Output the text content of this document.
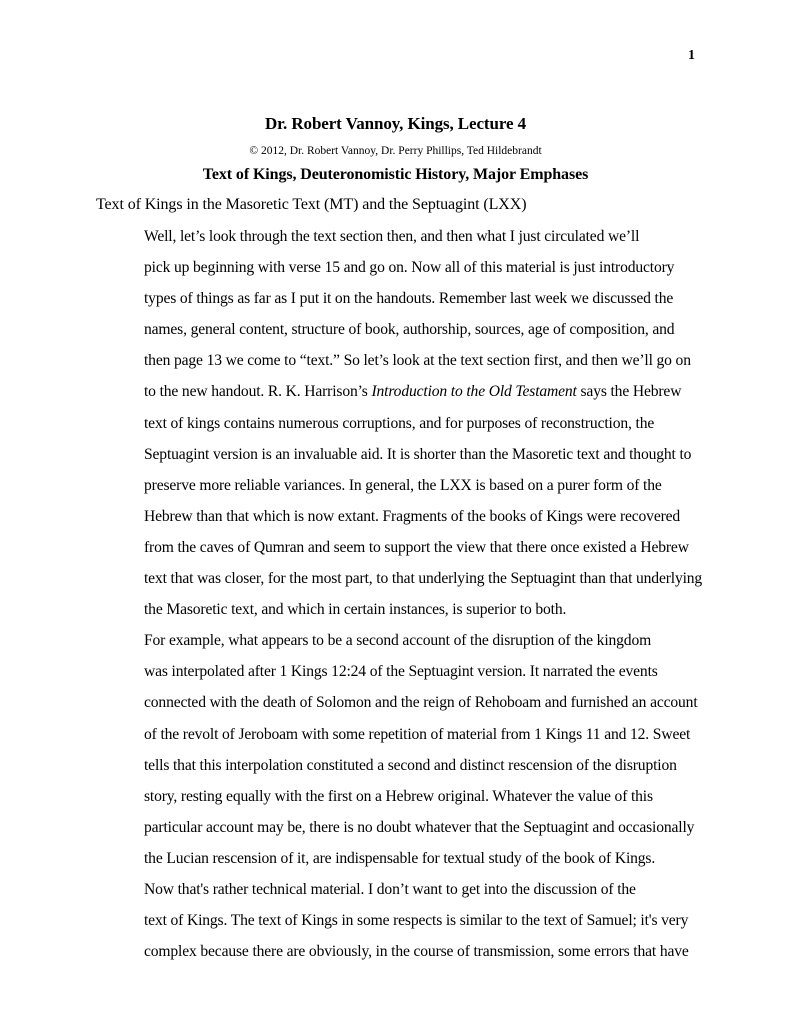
1
Dr. Robert Vannoy, Kings, Lecture 4
© 2012, Dr. Robert Vannoy, Dr. Perry Phillips, Ted Hildebrandt
Text of Kings, Deuteronomistic History, Major Emphases
Text of Kings in the Masoretic Text (MT) and the Septuagint (LXX)

Well, let’s look through the text section then, and then what I just circulated we’ll
pick up beginning with verse 15 and go on. Now all of this material is just introductory
types of things as far as I put it on the handouts. Remember last week we discussed the
names, general content, structure of book, authorship, sources, age of composition, and
then page 13 we come to “text.” So let’s look at the text section first, and then we’ll go on
to the new handout. R. K. Harrison’s Introduction to the Old Testament says the Hebrew
text of kings contains numerous corruptions, and for purposes of reconstruction, the
Septuagint version is an invaluable aid. It is shorter than the Masoretic text and thought to
preserve more reliable variances. In general, the LXX is based on a purer form of the
Hebrew than that which is now extant. Fragments of the books of Kings were recovered
from the caves of Qumran and seem to support the view that there once existed a Hebrew
text that was closer, for the most part, to that underlying the Septuagint than that underlying
the Masoretic text, and which in certain instances, is superior to both.

For example, what appears to be a second account of the disruption of the kingdom
was interpolated after 1 Kings 12:24 of the Septuagint version. It narrated the events
connected with the death of Solomon and the reign of Rehoboam and furnished an account
of the revolt of Jeroboam with some repetition of material from 1 Kings 11 and 12. Sweet
tells that this interpolation constituted a second and distinct rescension of the disruption
story, resting equally with the first on a Hebrew original. Whatever the value of this
particular account may be, there is no doubt whatever that the Septuagint and occasionally
the Lucian rescension of it, are indispensable for textual study of the book of Kings.

Now that's rather technical material. I don’t want to get into the discussion of the
text of Kings. The text of Kings in some respects is similar to the text of Samuel; it's very
complex because there are obviously, in the course of transmission, some errors that have
